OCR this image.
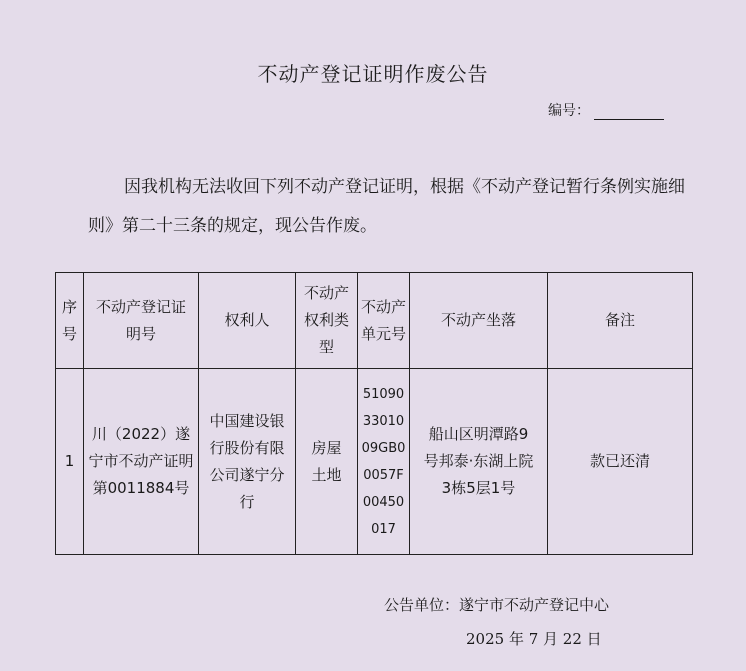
不动产登记证明作废公告
编号：
因我机构无法收回下列不动产登记证明，根据《不动产登记暂行条例实施细则》第二十三条的规定，现公告作废。
序号	不动产登记证明号	权利人	不动产权利类型	不动产单元号	不动产坐落	备注
1	川（2022）遂宁市不动产证明第0011884号	中国建设银行股份有限公司遂宁分行	房屋土地	510903301009GB00057F00450017	船山区明潭路9号邦泰·东湖上院3栋5层1号	款已还清
公告单位：遂宁市不动产登记中心
2025 年 7 月 22 日
